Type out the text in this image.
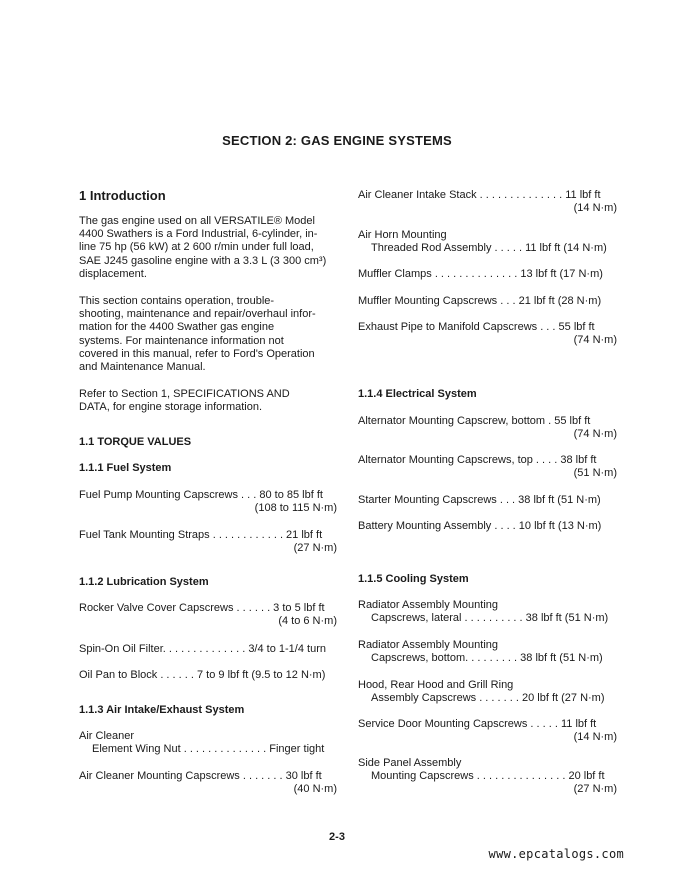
SECTION 2: GAS ENGINE SYSTEMS
1 Introduction
The gas engine used on all VERSATILE® Model
4400 Swathers is a Ford Industrial, 6-cylinder, in-
line 75 hp (56 kW) at 2 600 r/min under full load,
SAE J245 gasoline engine with a 3.3 L (3 300 cm³)
displacement.
This section contains operation, trouble-
shooting, maintenance and repair/overhaul infor-
mation for the 4400 Swather gas engine
systems. For maintenance information not
covered in this manual, refer to Ford's Operation
and Maintenance Manual.
Refer to Section 1, SPECIFICATIONS AND
DATA, for engine storage information.
1.1 TORQUE VALUES
1.1.1 Fuel System
Fuel Pump Mounting Capscrews . . . 80 to 85 lbf ft
(108 to 115 N·m)
Fuel Tank Mounting Straps . . . . . . . . . . . . 21 lbf ft
(27 N·m)
1.1.2 Lubrication System
Rocker Valve Cover Capscrews . . . . . . 3 to 5 lbf ft
(4 to 6 N·m)
Spin-On Oil Filter. . . . . . . . . . . . . . 3/4 to 1-1/4 turn
Oil Pan to Block . . . . . . 7 to 9 lbf ft (9.5 to 12 N·m)
1.1.3 Air Intake/Exhaust System
Air Cleaner
Element Wing Nut . . . . . . . . . . . . . . Finger tight
Air Cleaner Mounting Capscrews . . . . . . . 30 lbf ft
(40 N·m)
Air Cleaner Intake Stack . . . . . . . . . . . . . . 11 lbf ft
(14 N·m)
Air Horn Mounting
Threaded Rod Assembly . . . . . 11 lbf ft (14 N·m)
Muffler Clamps . . . . . . . . . . . . . . 13 lbf ft (17 N·m)
Muffler Mounting Capscrews . . . 21 lbf ft (28 N·m)
Exhaust Pipe to Manifold Capscrews . . . 55 lbf ft
(74 N·m)
1.1.4 Electrical System
Alternator Mounting Capscrew, bottom . 55 lbf ft
(74 N·m)
Alternator Mounting Capscrews, top . . . . 38 lbf ft
(51 N·m)
Starter Mounting Capscrews . . . 38 lbf ft (51 N·m)
Battery Mounting Assembly . . . . 10 lbf ft (13 N·m)
1.1.5 Cooling System
Radiator Assembly Mounting
Capscrews, lateral . . . . . . . . . . 38 lbf ft (51 N·m)
Radiator Assembly Mounting
Capscrews, bottom. . . . . . . . . 38 lbf ft (51 N·m)
Hood, Rear Hood and Grill Ring
Assembly Capscrews . . . . . . . 20 lbf ft (27 N·m)
Service Door Mounting Capscrews . . . . . 11 lbf ft
(14 N·m)
Side Panel Assembly
Mounting Capscrews . . . . . . . . . . . . . . . 20 lbf ft
(27 N·m)
2-3
www.epcatalogs.com
